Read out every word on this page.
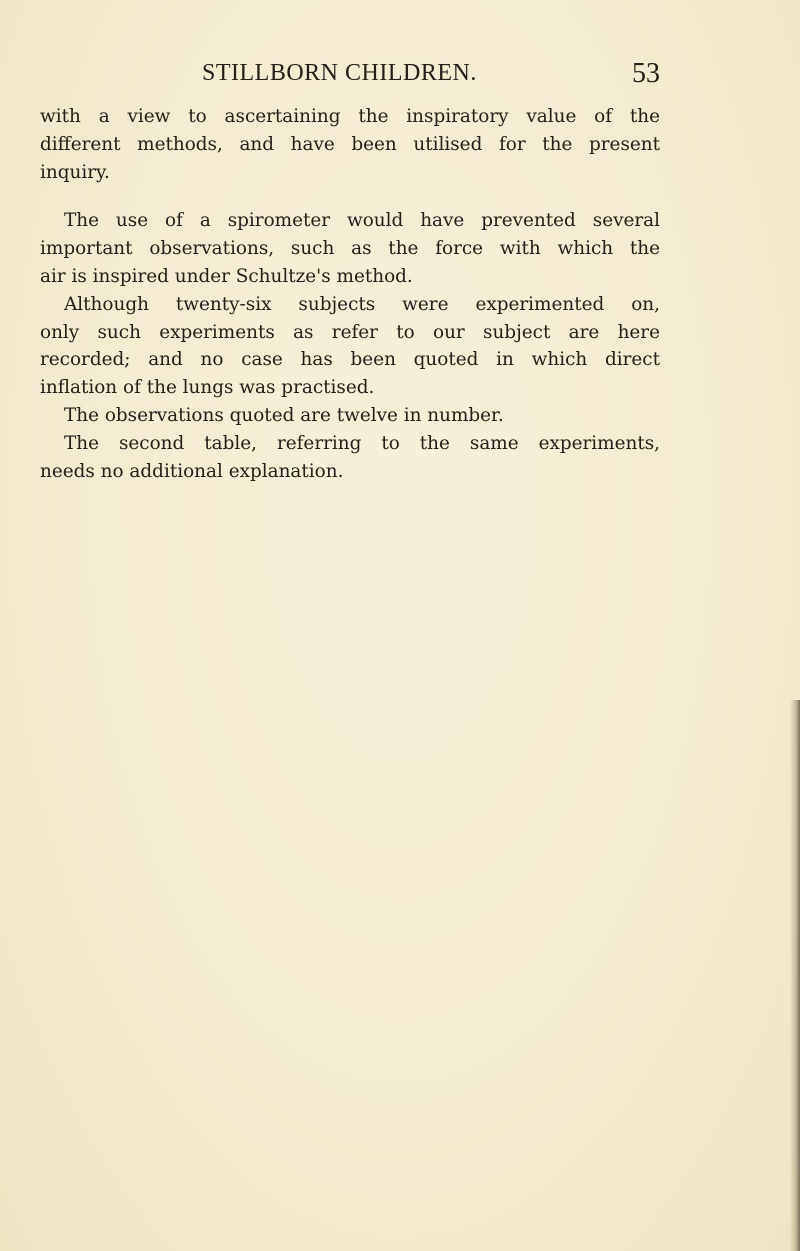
STILLBORN CHILDREN.	53
with a view to ascertaining the inspiratory value of the
different methods, and have been utilised for the present
inquiry.
The use of a spirometer would have prevented several
important observations, such as the force with which the
air is inspired under Schultze's method.
Although twenty-six subjects were experimented on,
only such experiments as refer to our subject are here
recorded; and no case has been quoted in which direct
inflation of the lungs was practised.
The observations quoted are twelve in number.
The second table, referring to the same experiments,
needs no additional explanation.
